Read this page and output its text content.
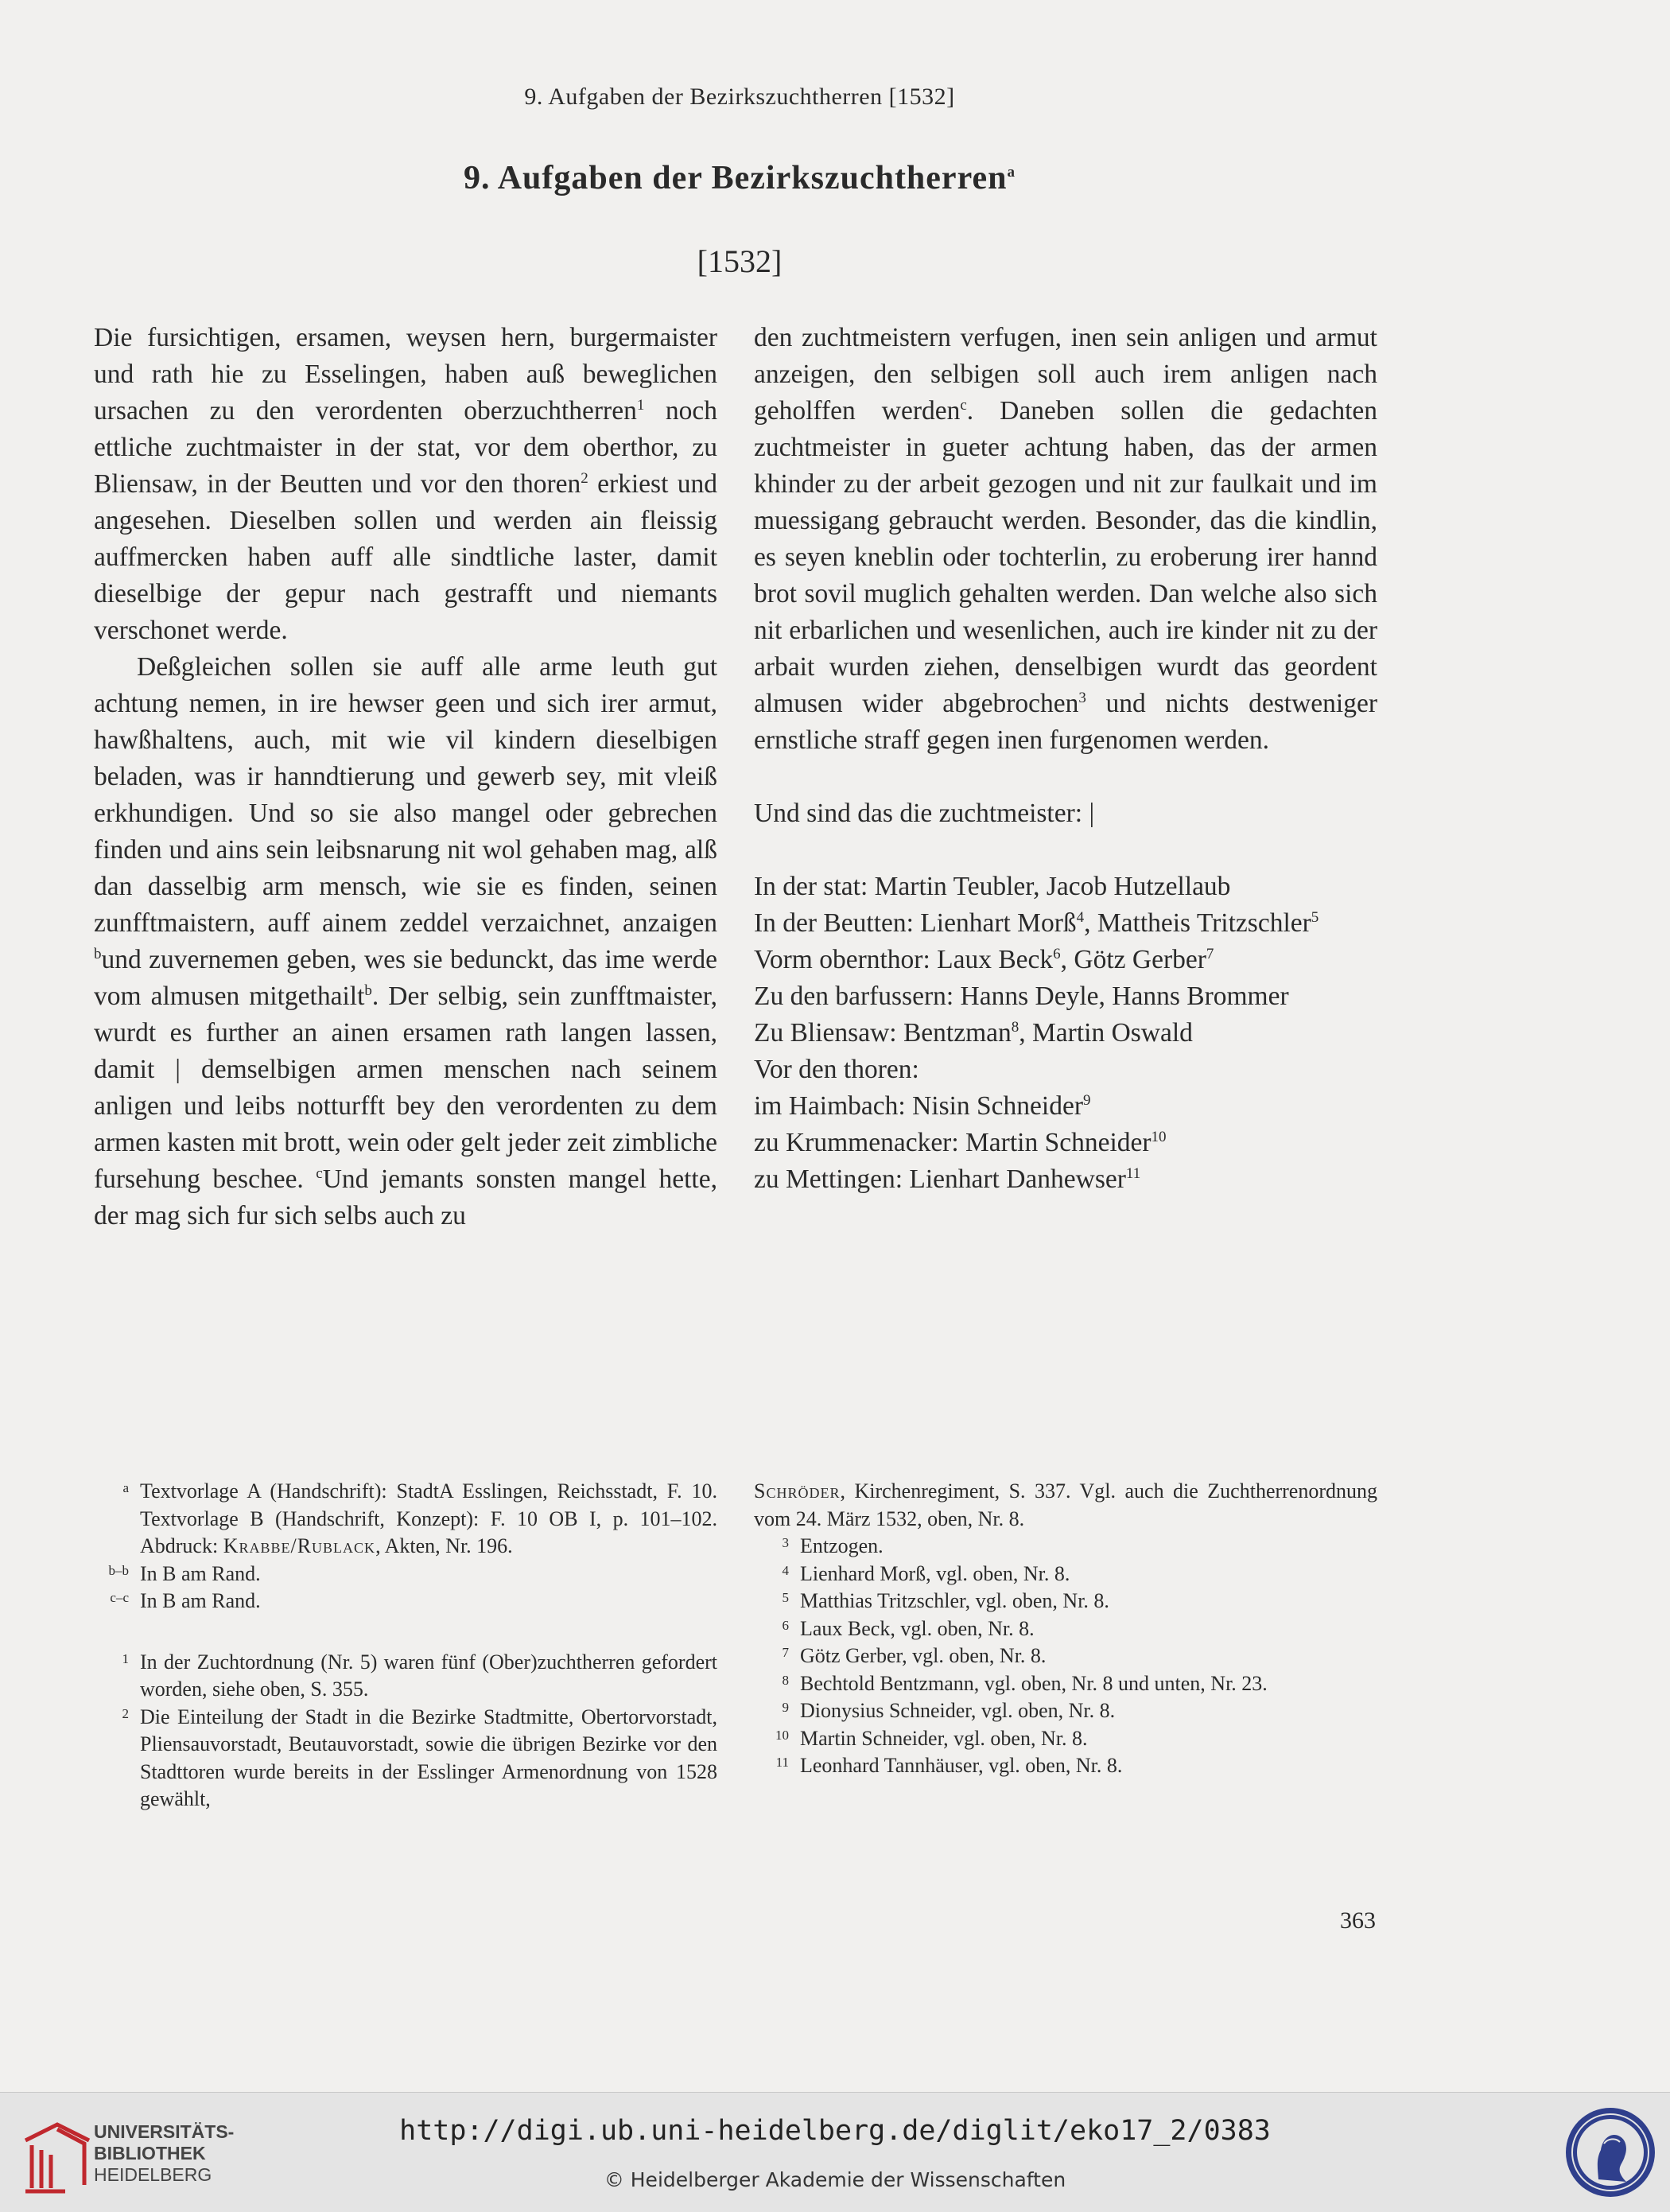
9. Aufgaben der Bezirkszuchtherren [1532]
9. Aufgaben der Bezirkszuchtherren$^a$
[1532]

Die fursichtigen, ersamen, weysen hern, burgermaister und rath hie zu Esselingen, haben auß beweglichen ursachen zu den verordenten oberzuchtherren$^1$ noch ettliche zuchtmaister in der stat, vor dem oberthor, zu Bliensaw, in der Beutten und vor den thoren$^2$ erkiest und angesehen. Dieselben sollen und werden ain fleissig auffmercken haben auff alle sindtliche laster, damit dieselbige der gepur nach gestrafft und niemants verschonet werde.

Deßgleichen sollen sie auff alle arme leuth gut achtung nemen, in ire hewser geen und sich irer armut, hawßhaltens, auch, mit wie vil kindern dieselbigen beladen, was ir hanndtierung und gewerb sey, mit vleiß erkhundigen. Und so sie also mangel oder gebrechen finden und ains sein leibsnarung nit wol gehaben mag, alß dan dasselbig arm mensch, wie sie es finden, seinen zunfftmaistern, auff ainem zeddel verzaichnet, anzaigen $^b$und zuvernemen geben, wes sie bedunckt, das ime werde vom almusen mitgethailt$^b$. Der selbig, sein zunfftmaister, wurdt es further an ainen ersamen rath langen lassen, damit | demselbigen armen menschen nach seinem anligen und leibs notturfft bey den verordenten zu dem armen kasten mit brott, wein oder gelt jeder zeit zimbliche fursehung beschee. $^c$Und jemants sonsten mangel hette, der mag sich fur sich selbs auch zu

den zuchtmeistern verfugen, inen sein anligen und armut anzeigen, den selbigen soll auch irem anligen nach geholffen werden$^c$. Daneben sollen die gedachten zuchtmeister in gueter achtung haben, das der armen khinder zu der arbeit gezogen und nit zur faulkait und im muessigang gebraucht werden. Besonder, das die kindlin, es seyen kneblin oder tochterlin, zu eroberung irer hannd brot sovil muglich gehalten werden. Dan welche also sich nit erbarlichen und wesenlichen, auch ire kinder nit zu der arbait wurden ziehen, denselbigen wurdt das geordent almusen wider abgebrochen$^3$ und nichts destweniger ernstliche straff gegen inen furgenomen werden.

Und sind das die zuchtmeister: |

In der stat: Martin Teubler, Jacob Hutzellaub

In der Beutten: Lienhart Morß$^4$, Mattheis Tritzschler$^5$

Vorm obernthor: Laux Beck$^6$, Götz Gerber$^7$

Zu den barfussern: Hanns Deyle, Hanns Brommer

Zu Bliensaw: Bentzman$^8$, Martin Oswald

Vor den thoren:

im Haimbach: Nisin Schneider$^9$

zu Krummenacker: Martin Schneider$^{10}$

zu Mettingen: Lienhart Danhewser$^{11}$

a Textvorlage A (Handschrift): StadtA Esslingen, Reichsstadt, F. 10. Textvorlage B (Handschrift, Konzept): F. 10 OB I, p. 101–102. Abdruck: Krabbe/Rublack, Akten, Nr. 196.
b–b In B am Rand.
c–c In B am Rand.
1 In der Zuchtordnung (Nr. 5) waren fünf (Ober)zuchtherren gefordert worden, siehe oben, S. 355.
2 Die Einteilung der Stadt in die Bezirke Stadtmitte, Obertorvorstadt, Pliensauvorstadt, Beutauvorstadt, sowie die übrigen Bezirke vor den Stadttoren wurde bereits in der Esslinger Armenordnung von 1528 gewählt,
Schröder, Kirchenregiment, S. 337. Vgl. auch die Zuchtherrenordnung vom 24. März 1532, oben, Nr. 8.
3 Entzogen.
4 Lienhard Morß, vgl. oben, Nr. 8.
5 Matthias Tritzschler, vgl. oben, Nr. 8.
6 Laux Beck, vgl. oben, Nr. 8.
7 Götz Gerber, vgl. oben, Nr. 8.
8 Bechtold Bentzmann, vgl. oben, Nr. 8 und unten, Nr. 23.
9 Dionysius Schneider, vgl. oben, Nr. 8.
10 Martin Schneider, vgl. oben, Nr. 8.
11 Leonhard Tannhäuser, vgl. oben, Nr. 8.
363
UNIVERSITÄTS-
BIBLIOTHEK
HEIDELBERG
http://digi.ub.uni-heidelberg.de/diglit/eko17_2/0383
© Heidelberger Akademie der Wissenschaften
